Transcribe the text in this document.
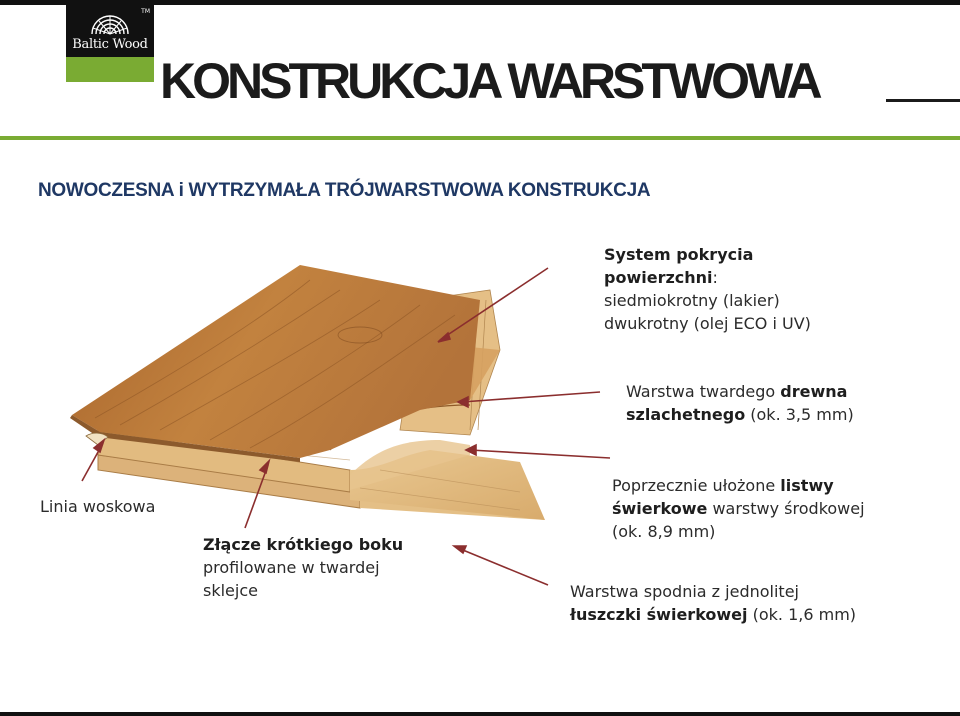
TM
Baltic Wood
KONSTRUKCJA WARSTWOWA
NOWOCZESNA i WYTRZYMAŁA TRÓJWARSTWOWA KONSTRUKCJA
System pokrycia
powierzchni:
siedmiokrotny (lakier)
dwukrotny (olej ECO i UV)
Warstwa twardego drewna
szlachetnego (ok. 3,5 mm)
Linia woskowa
Złącze krótkiego boku
profilowane w twardej
sklejce
Poprzecznie ułożone listwy
świerkowe warstwy środkowej
(ok. 8,9 mm)
Warstwa spodnia z jednolitej
łuszczki świerkowej (ok. 1,6 mm)
